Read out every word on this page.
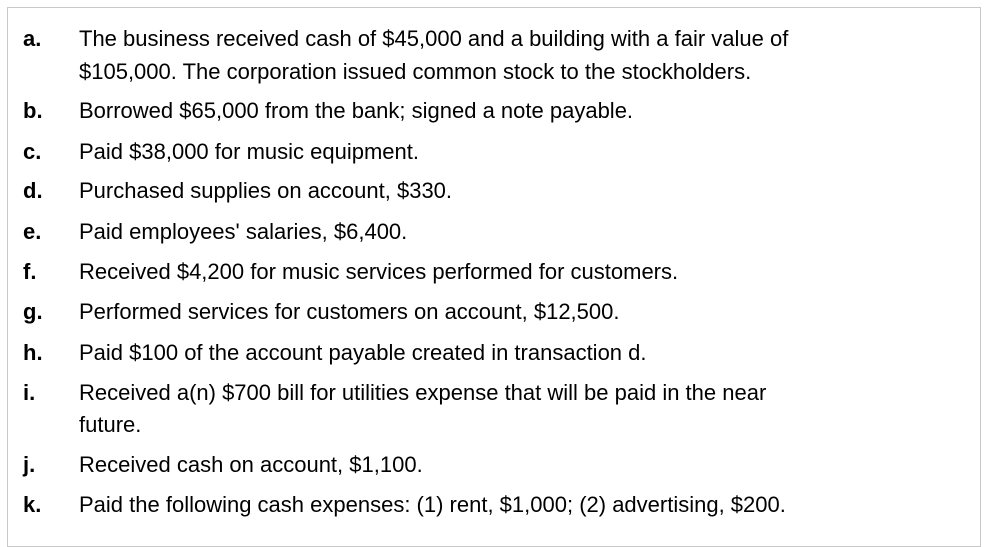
a. The business received cash of $45,000 and a building with a fair value of
$105,000. The corporation issued common stock to the stockholders.
b. Borrowed $65,000 from the bank; signed a note payable.
c. Paid $38,000 for music equipment.
d. Purchased supplies on account, $330.
e. Paid employees' salaries, $6,400.
f. Received $4,200 for music services performed for customers.
g. Performed services for customers on account, $12,500.
h. Paid $100 of the account payable created in transaction d.
i. Received a(n) $700 bill for utilities expense that will be paid in the near
future.
j. Received cash on account, $1,100.
k. Paid the following cash expenses: (1) rent, $1,000; (2) advertising, $200.
